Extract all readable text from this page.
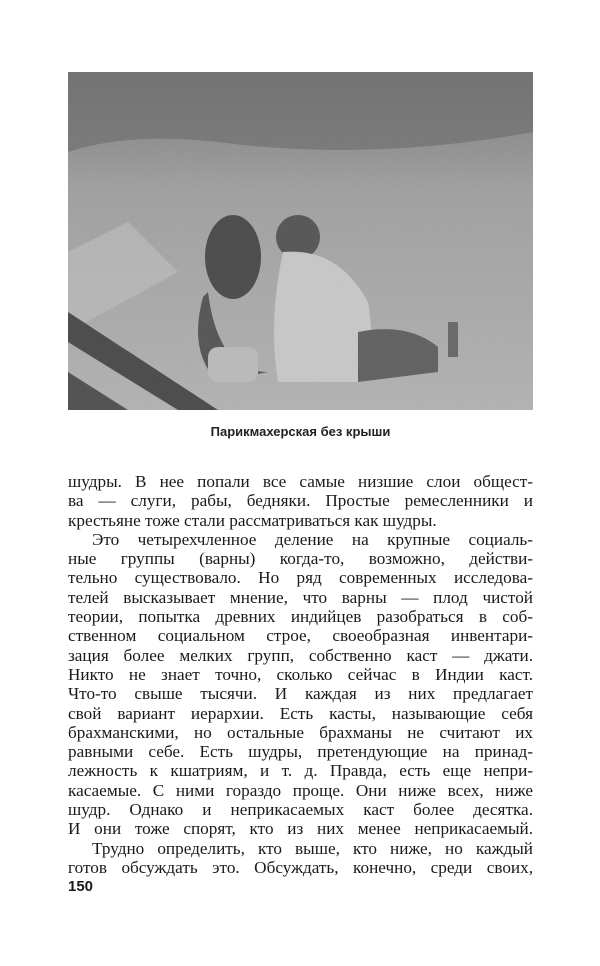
Парикмахерская без крыши
шудры. В нее попали все самые низшие слои общест-
ва — слуги, рабы, бедняки. Простые ремесленники и
крестьяне тоже стали рассматриваться как шудры.
Это четырехчленное деление на крупные социаль-
ные группы (варны) когда-то, возможно, действи-
тельно существовало. Но ряд современных исследова-
телей высказывает мнение, что варны — плод чистой
теории, попытка древних индийцев разобраться в соб-
ственном социальном строе, своеобразная инвентари-
зация более мелких групп, собственно каст — джати.
Никто не знает точно, сколько сейчас в Индии каст.
Что-то свыше тысячи. И каждая из них предлагает
свой вариант иерархии. Есть касты, называющие себя
брахманскими, но остальные брахманы не считают их
равными себе. Есть шудры, претендующие на принад-
лежность к кшатриям, и т. д. Правда, есть еще непри-
касаемые. С ними гораздо проще. Они ниже всех, ниже
шудр. Однако и неприкасаемых каст более десятка.
И они тоже спорят, кто из них менее неприкасаемый.
Трудно определить, кто выше, кто ниже, но каждый
готов обсуждать это. Обсуждать, конечно, среди своих,
150
